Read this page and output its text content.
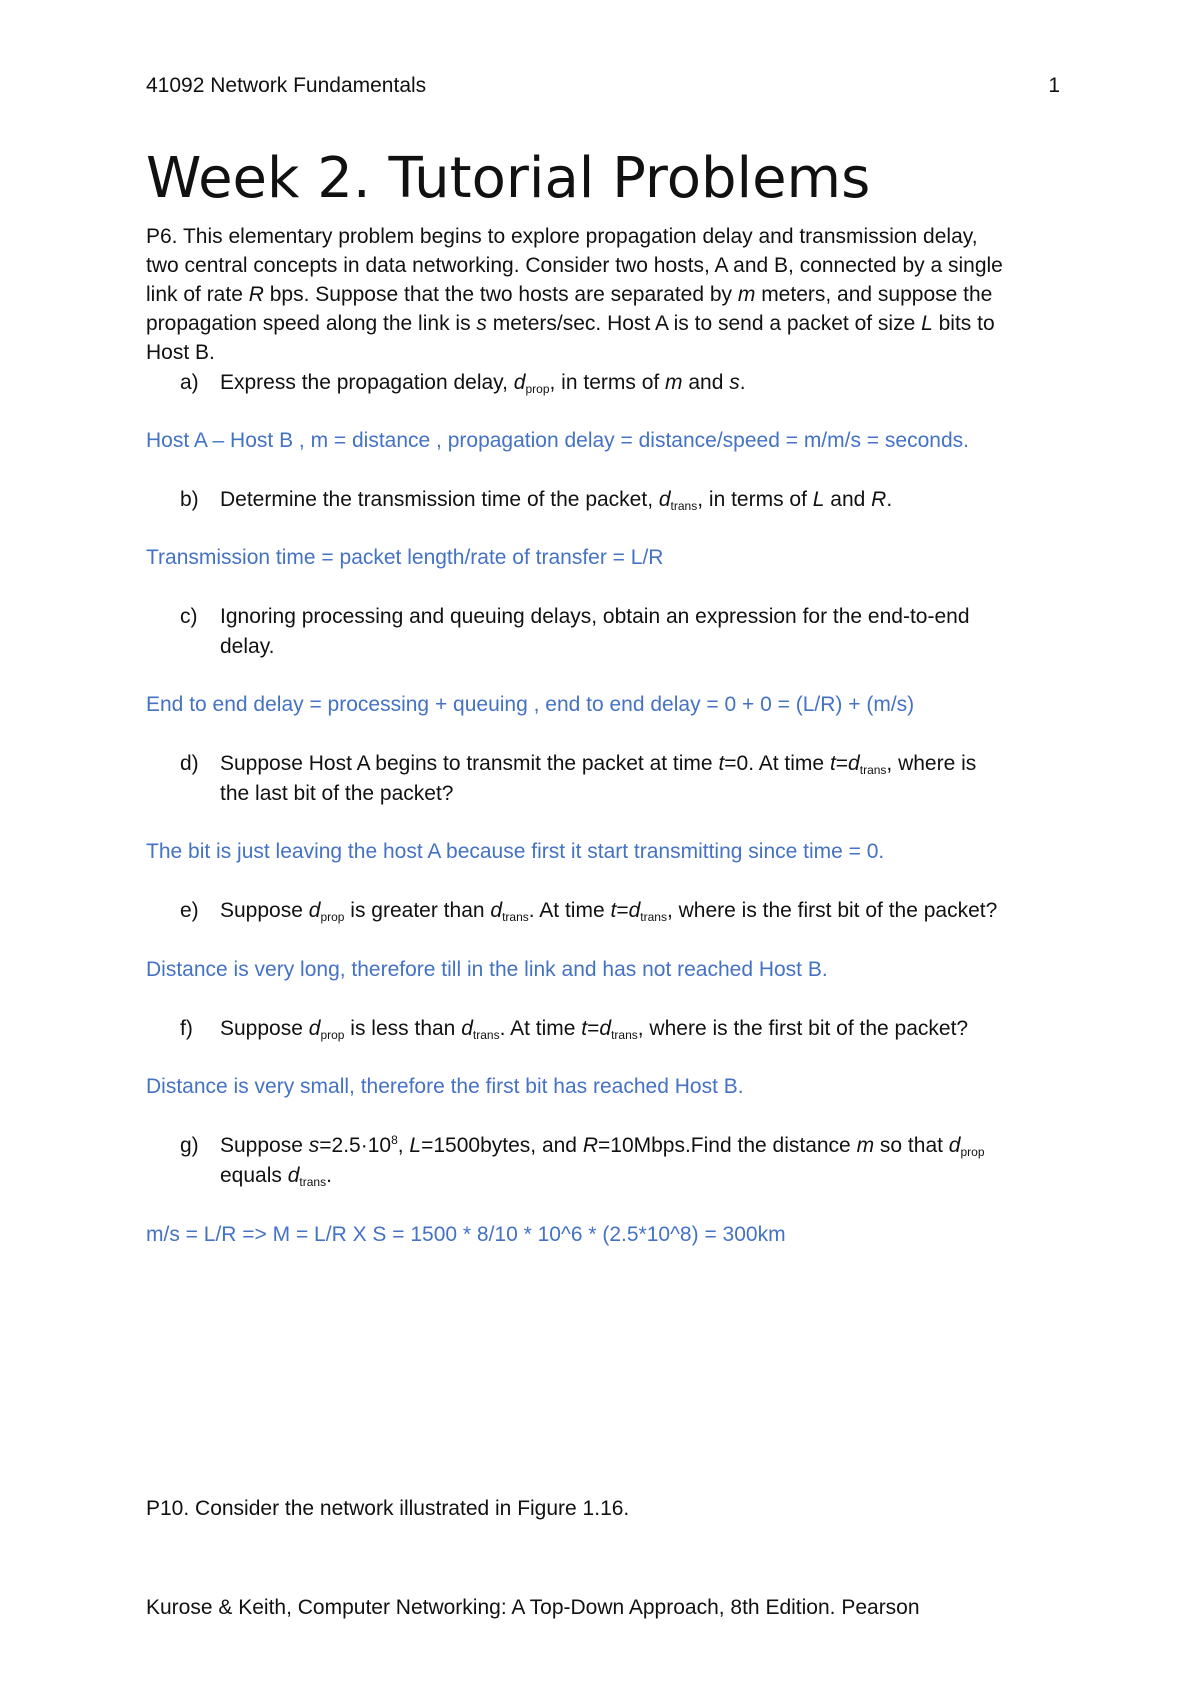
41092 Network Fundamentals	1
Week 2. Tutorial Problems

P6. This elementary problem begins to explore propagation delay and transmission delay,

two central concepts in data networking. Consider two hosts, A and B, connected by a single

link of rate R bps. Suppose that the two hosts are separated by m meters, and suppose the

propagation speed along the link is s meters/sec. Host A is to send a packet of size L bits to

Host B.

a) Express the propagation delay, $d_{prop}$, in terms of m and s.

Host A – Host B , m = distance , propagation delay = distance/speed = m/m/s = seconds.

b) Determine the transmission time of the packet, $d_{trans}$, in terms of L and R.

Transmission time = packet length/rate of transfer = L/R

c) Ignoring processing and queuing delays, obtain an expression for the end-to-end
delay.

End to end delay = processing + queuing , end to end delay = 0 + 0 = (L/R) + (m/s)

d) Suppose Host A begins to transmit the packet at time t=0. At time $t=d_{trans}$, where is
the last bit of the packet?

The bit is just leaving the host A because first it start transmitting since time = 0.

e) Suppose $d_{prop}$ is greater than $d_{trans}$. At time $t=d_{trans}$, where is the first bit of the packet?

Distance is very long, therefore till in the link and has not reached Host B.

f) Suppose $d_{prop}$ is less than $d_{trans}$. At time $t=d_{trans}$, where is the first bit of the packet?

Distance is very small, therefore the first bit has reached Host B.

g) Suppose $s=2.5\cdot 10^8$, L=1500bytes, and R=10Mbps.Find the distance m so that $d_{prop}$
equals $d_{trans}$.

m/s = L/R => M = L/R X S = 1500 * 8/10 * 10^6 * (2.5*10^8) = 300km

P10. Consider the network illustrated in Figure 1.16.

Kurose & Keith, Computer Networking: A Top-Down Approach, 8th Edition. Pearson
